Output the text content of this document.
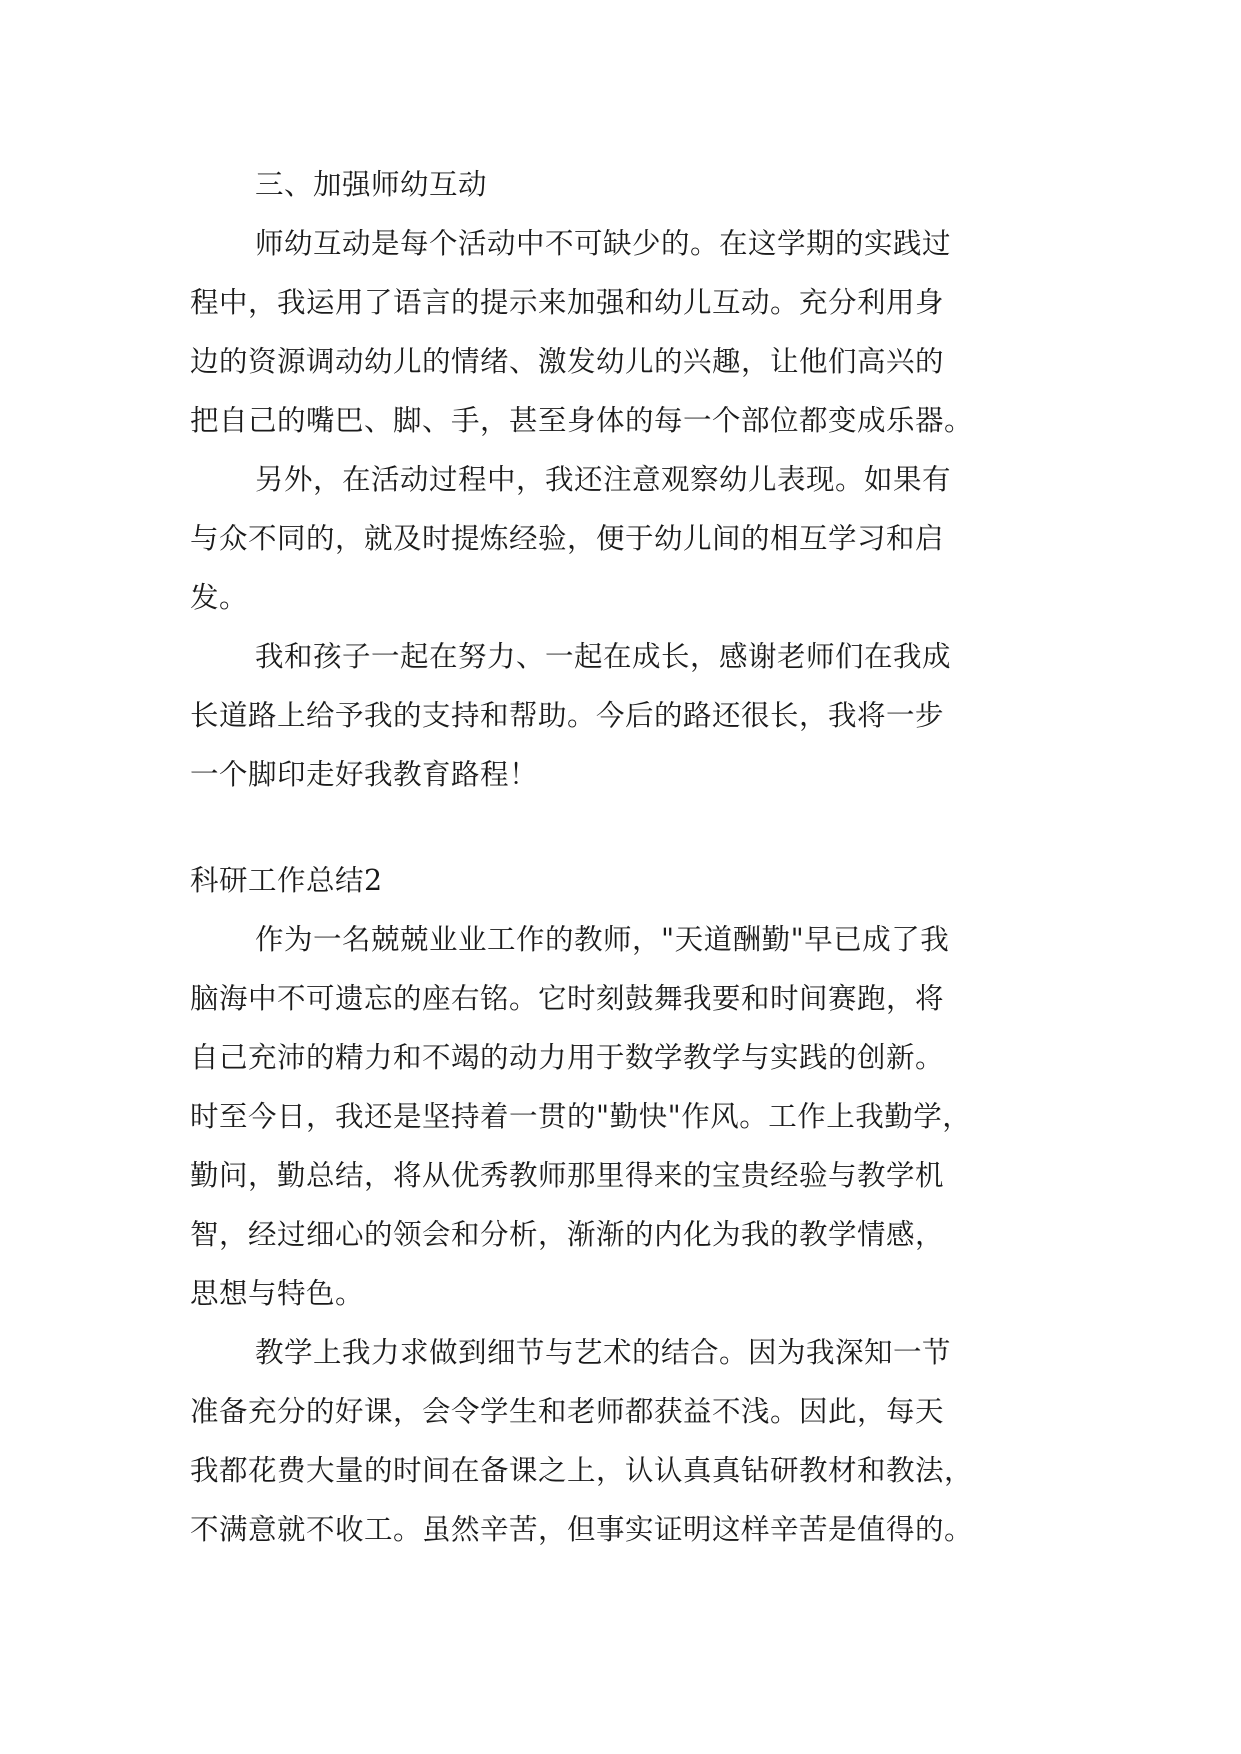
三、加强师幼互动
师幼互动是每个活动中不可缺少的。在这学期的实践过
程中，我运用了语言的提示来加强和幼儿互动。充分利用身
边的资源调动幼儿的情绪、激发幼儿的兴趣，让他们高兴的
把自己的嘴巴、脚、手，甚至身体的每一个部位都变成乐器。
另外，在活动过程中，我还注意观察幼儿表现。如果有
与众不同的，就及时提炼经验，便于幼儿间的相互学习和启
发。
我和孩子一起在努力、一起在成长，感谢老师们在我成
长道路上给予我的支持和帮助。今后的路还很长，我将一步
一个脚印走好我教育路程！
科研工作总结2
作为一名兢兢业业工作的教师，"天道酬勤"早已成了我
脑海中不可遗忘的座右铭。它时刻鼓舞我要和时间赛跑，将
自己充沛的精力和不竭的动力用于数学教学与实践的创新。
时至今日，我还是坚持着一贯的"勤快"作风。工作上我勤学，
勤问，勤总结，将从优秀教师那里得来的宝贵经验与教学机
智，经过细心的领会和分析，渐渐的内化为我的教学情感，
思想与特色。
教学上我力求做到细节与艺术的结合。因为我深知一节
准备充分的好课，会令学生和老师都获益不浅。因此，每天
我都花费大量的时间在备课之上，认认真真钻研教材和教法，
不满意就不收工。虽然辛苦，但事实证明这样辛苦是值得的。
